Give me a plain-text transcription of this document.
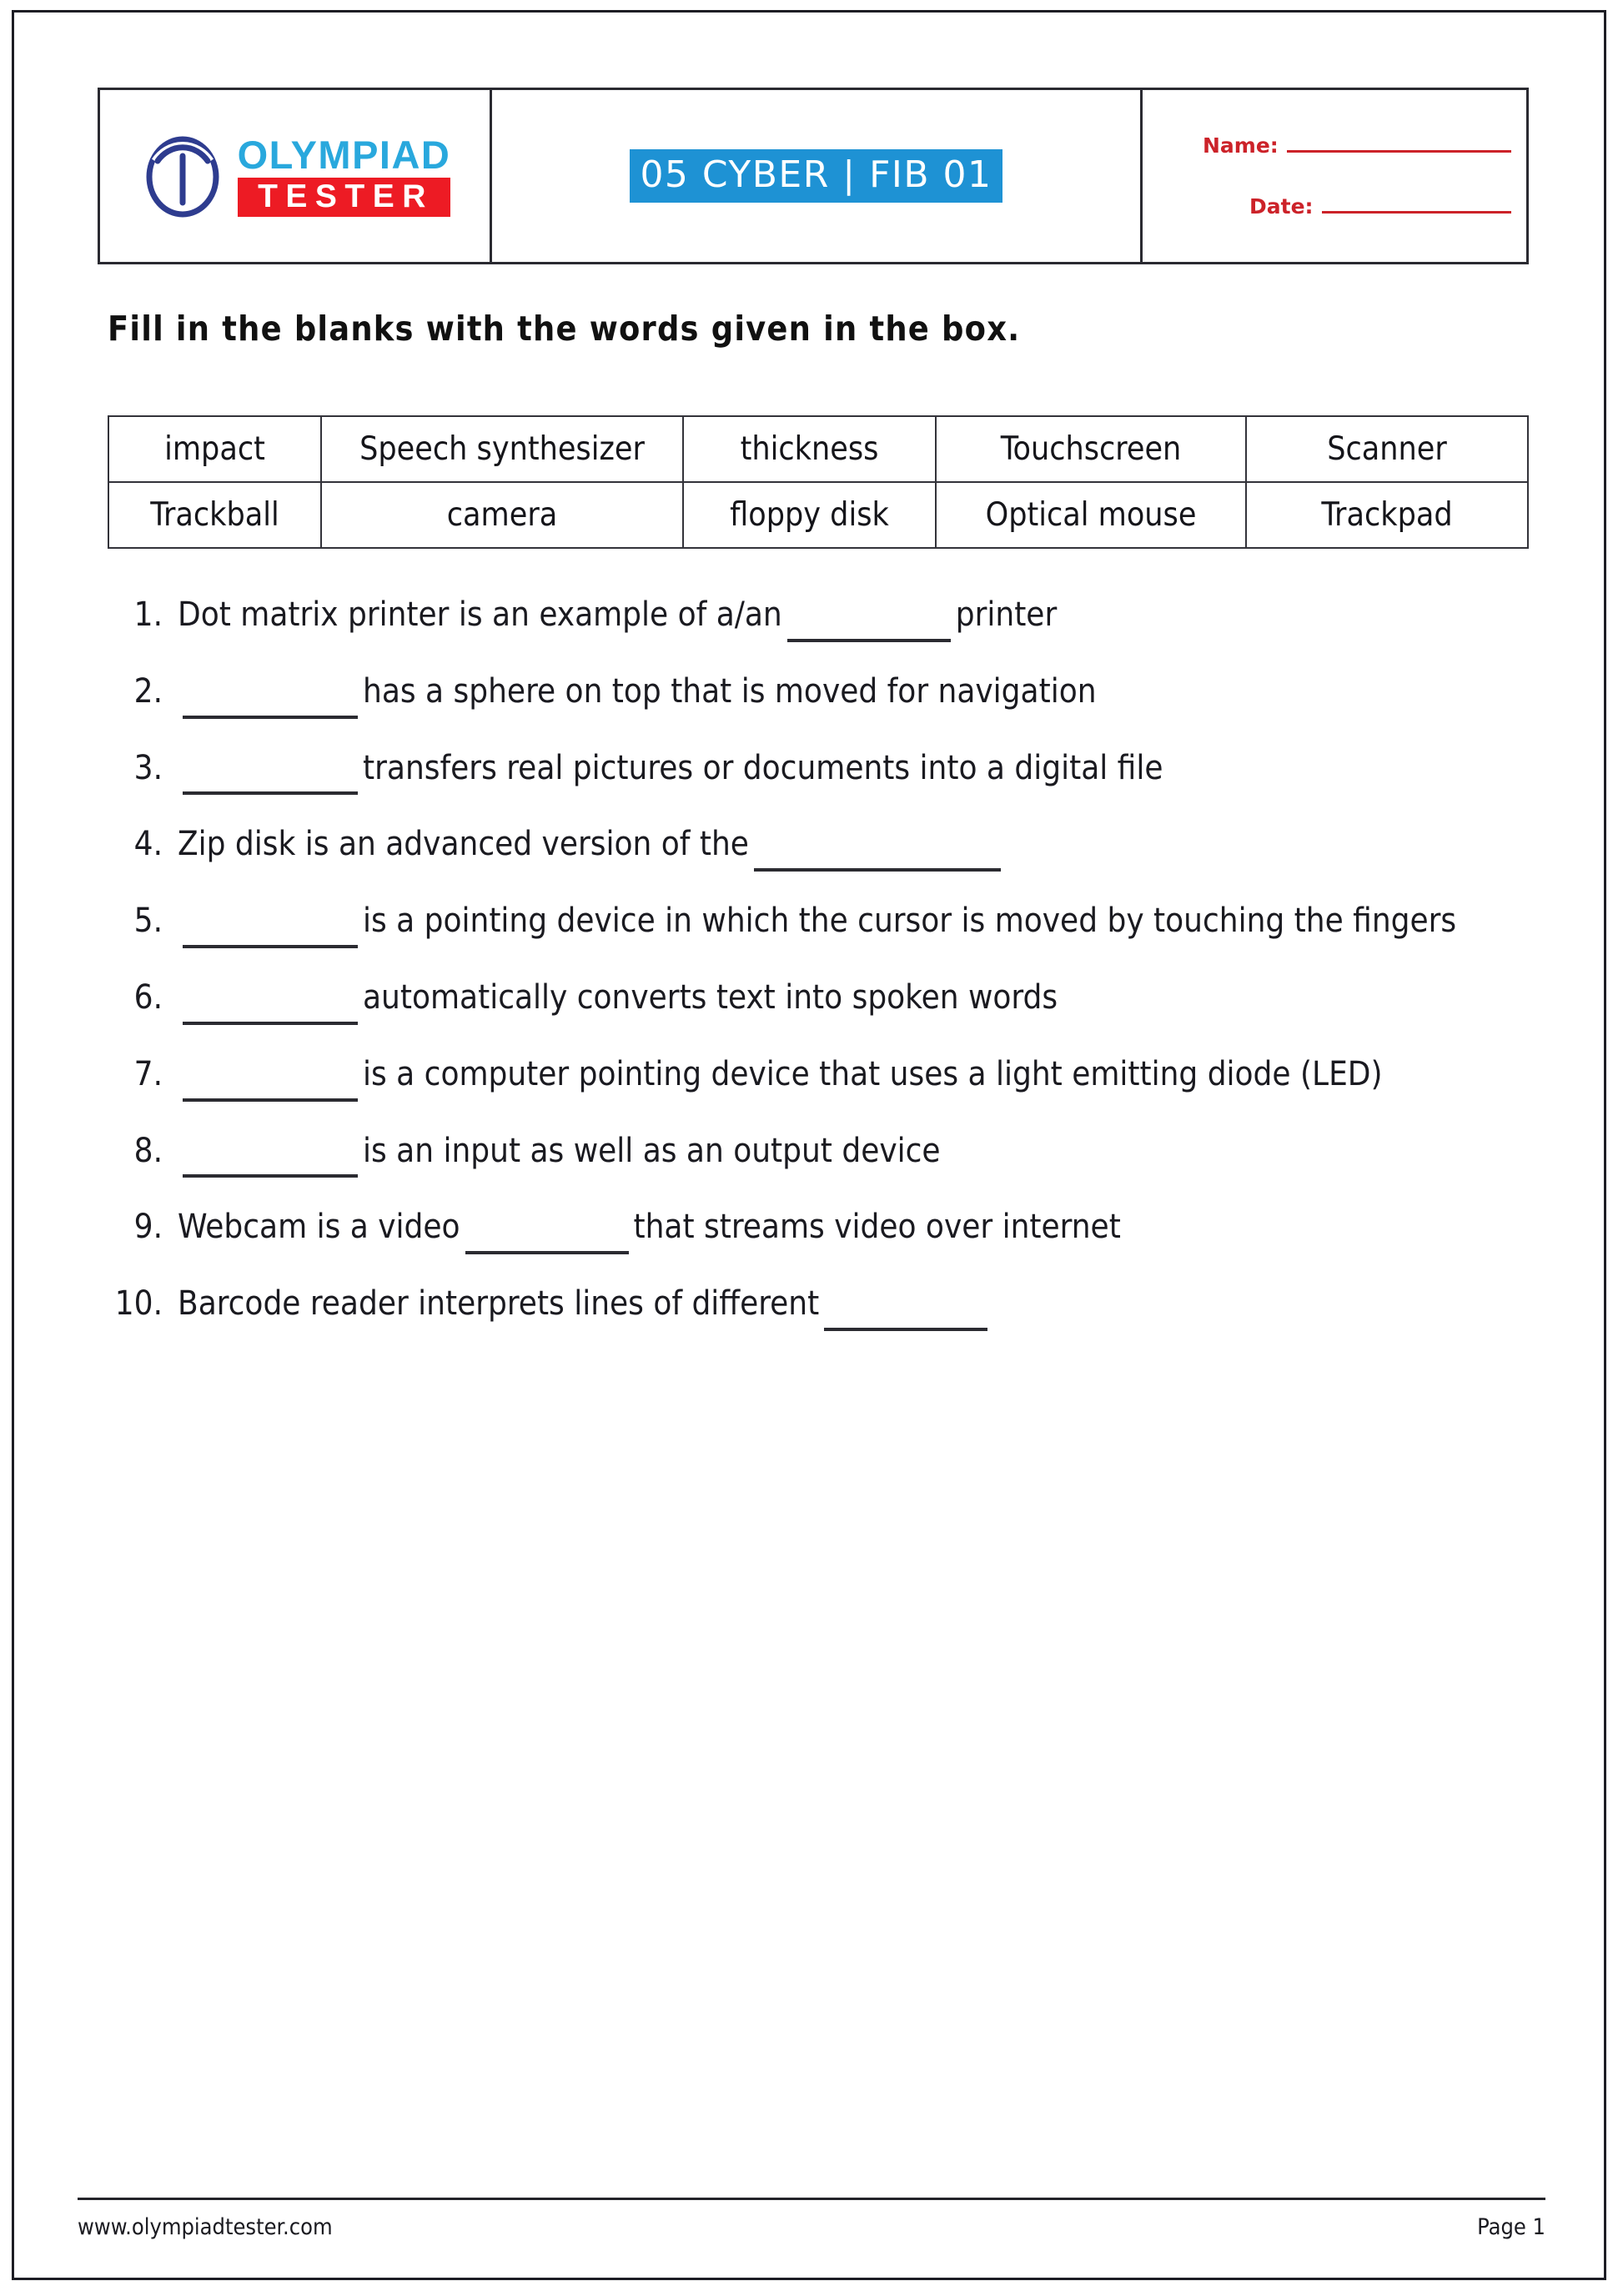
OLYMPIAD
TESTER
05 CYBER | FIB 01
Name:
Date:
Fill in the blanks with the words given in the box.
impact	Speech synthesizer	thickness	Touchscreen	Scanner
Trackball	camera	floppy disk	Optical mouse	Trackpad
1. Dot matrix printer is an example of a/an	printer
2.	has a sphere on top that is moved for navigation
3.	transfers real pictures or documents into a digital file
4. Zip disk is an advanced version of the
5.	is a pointing device in which the cursor is moved by touching the fingers
6.	automatically converts text into spoken words
7.	is a computer pointing device that uses a light emitting diode (LED)
8.	is an input as well as an output device
9. Webcam is a video	that streams video over internet
10. Barcode reader interprets lines of different
www.olympiadtester.com	Page 1
